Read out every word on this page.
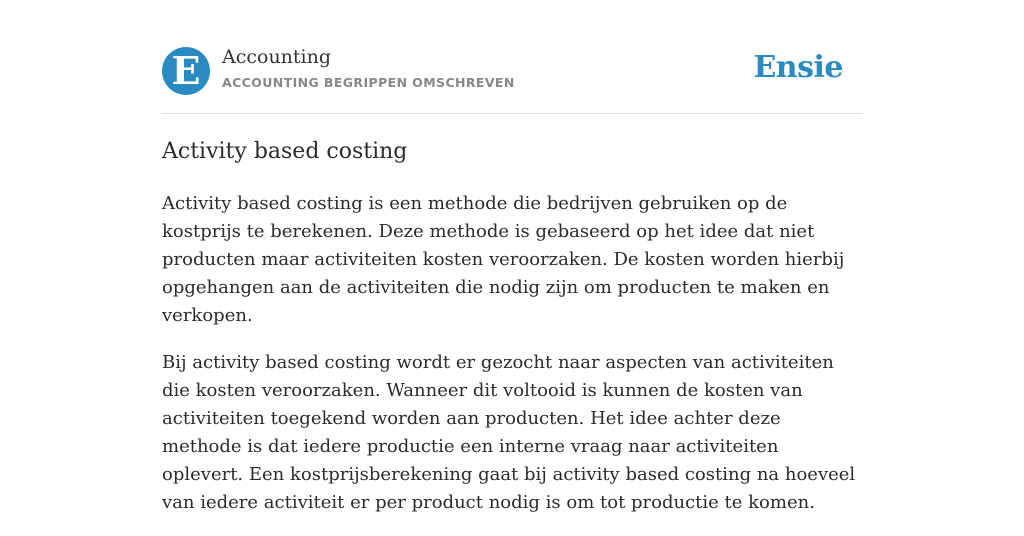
E	Accounting
ACCOUNTING BEGRIPPEN OMSCHREVEN	Ensie
Activity based costing

Activity based costing is een methode die bedrijven gebruiken op de kostprijs te berekenen. Deze methode is gebaseerd op het idee dat niet producten maar activiteiten kosten veroorzaken. De kosten worden hierbij opgehangen aan de activiteiten die nodig zijn om producten te maken en verkopen.

Bij activity based costing wordt er gezocht naar aspecten van activiteiten die kosten veroorzaken. Wanneer dit voltooid is kunnen de kosten van activiteiten toegekend worden aan producten. Het idee achter deze methode is dat iedere productie een interne vraag naar activiteiten oplevert. Een kostprijsberekening gaat bij activity based costing na hoeveel van iedere activiteit er per product nodig is om tot productie te komen.
